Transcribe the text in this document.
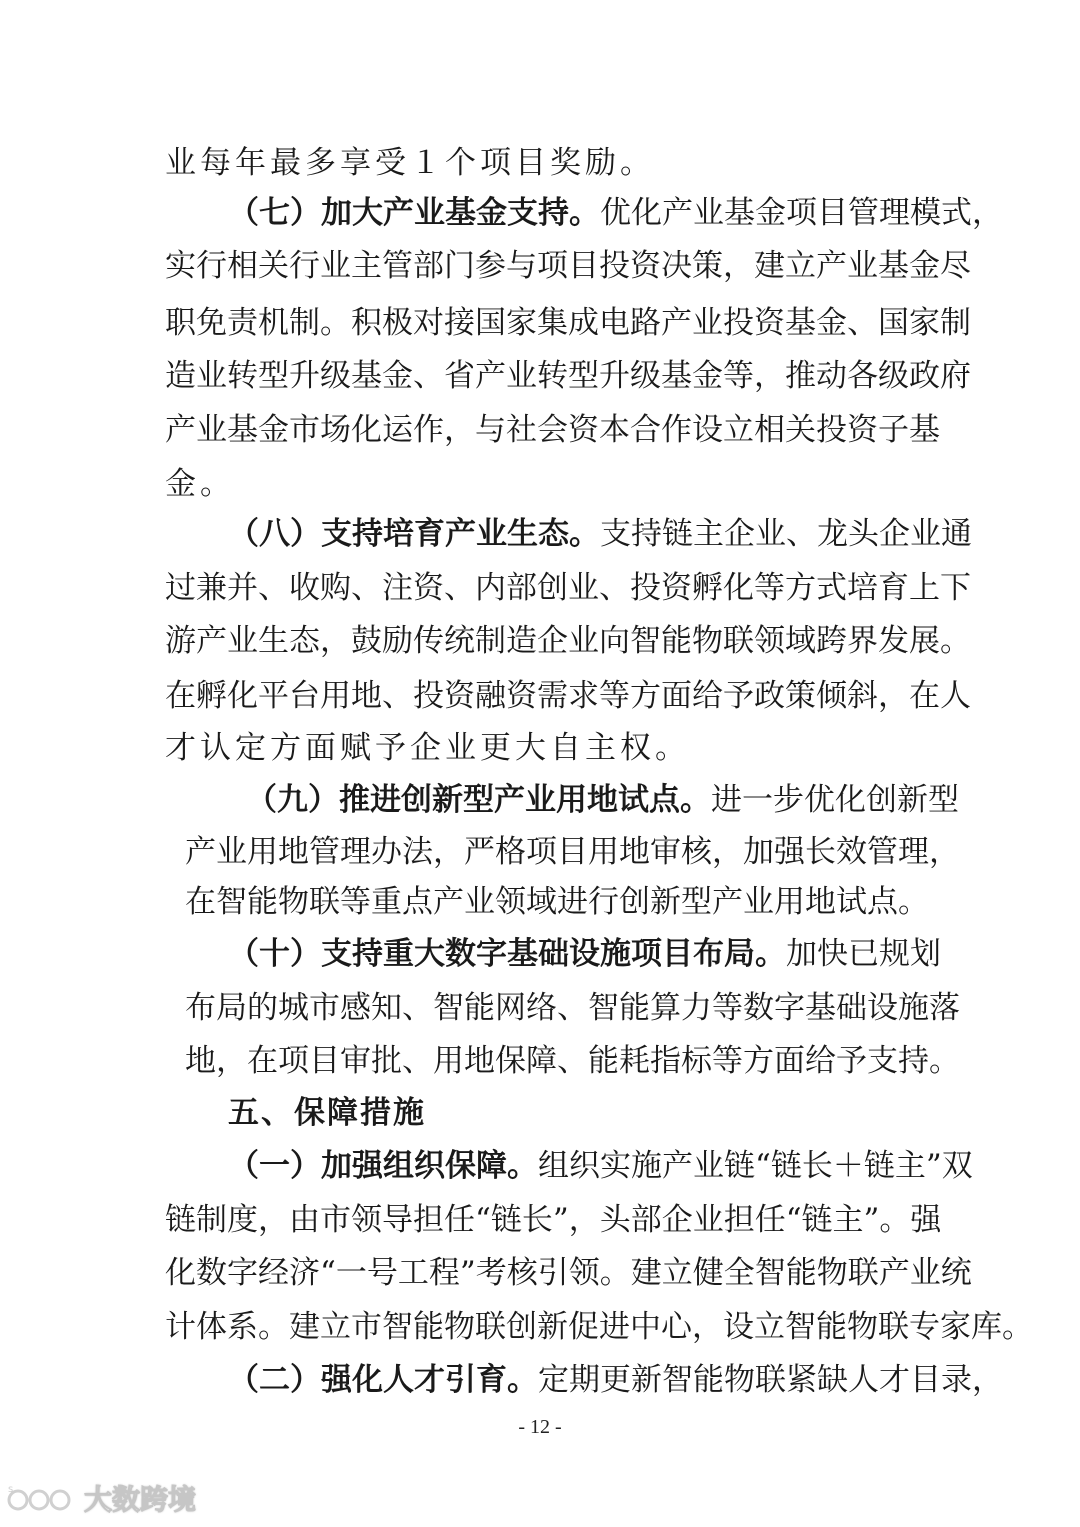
业每年最多享受１个项目奖励。
（七）加大产业基金支持。优化产业基金项目管理模式，
实行相关行业主管部门参与项目投资决策，建立产业基金尽
职免责机制。积极对接国家集成电路产业投资基金、国家制
造业转型升级基金、省产业转型升级基金等，推动各级政府
产业基金市场化运作，与社会资本合作设立相关投资子基
金。
（八）支持培育产业生态。支持链主企业、龙头企业通
过兼并、收购、注资、内部创业、投资孵化等方式培育上下
游产业生态，鼓励传统制造企业向智能物联领域跨界发展。
在孵化平台用地、投资融资需求等方面给予政策倾斜，在人
才认定方面赋予企业更大自主权。
（九）推进创新型产业用地试点。进一步优化创新型
产业用地管理办法，严格项目用地审核，加强长效管理，
在智能物联等重点产业领域进行创新型产业用地试点。
（十）支持重大数字基础设施项目布局。加快已规划
布局的城市感知、智能网络、智能算力等数字基础设施落
地，在项目审批、用地保障、能耗指标等方面给予支持。
五、保障措施
（一）加强组织保障。组织实施产业链“链长＋链主”双
链制度，由市领导担任“链长”，头部企业担任“链主”。强
化数字经济“一号工程”考核引领。建立健全智能物联产业统
计体系。建立市智能物联创新促进中心，设立智能物联专家库。
（二）强化人才引育。定期更新智能物联紧缺人才目录，
- 12 -
s	大数跨境
